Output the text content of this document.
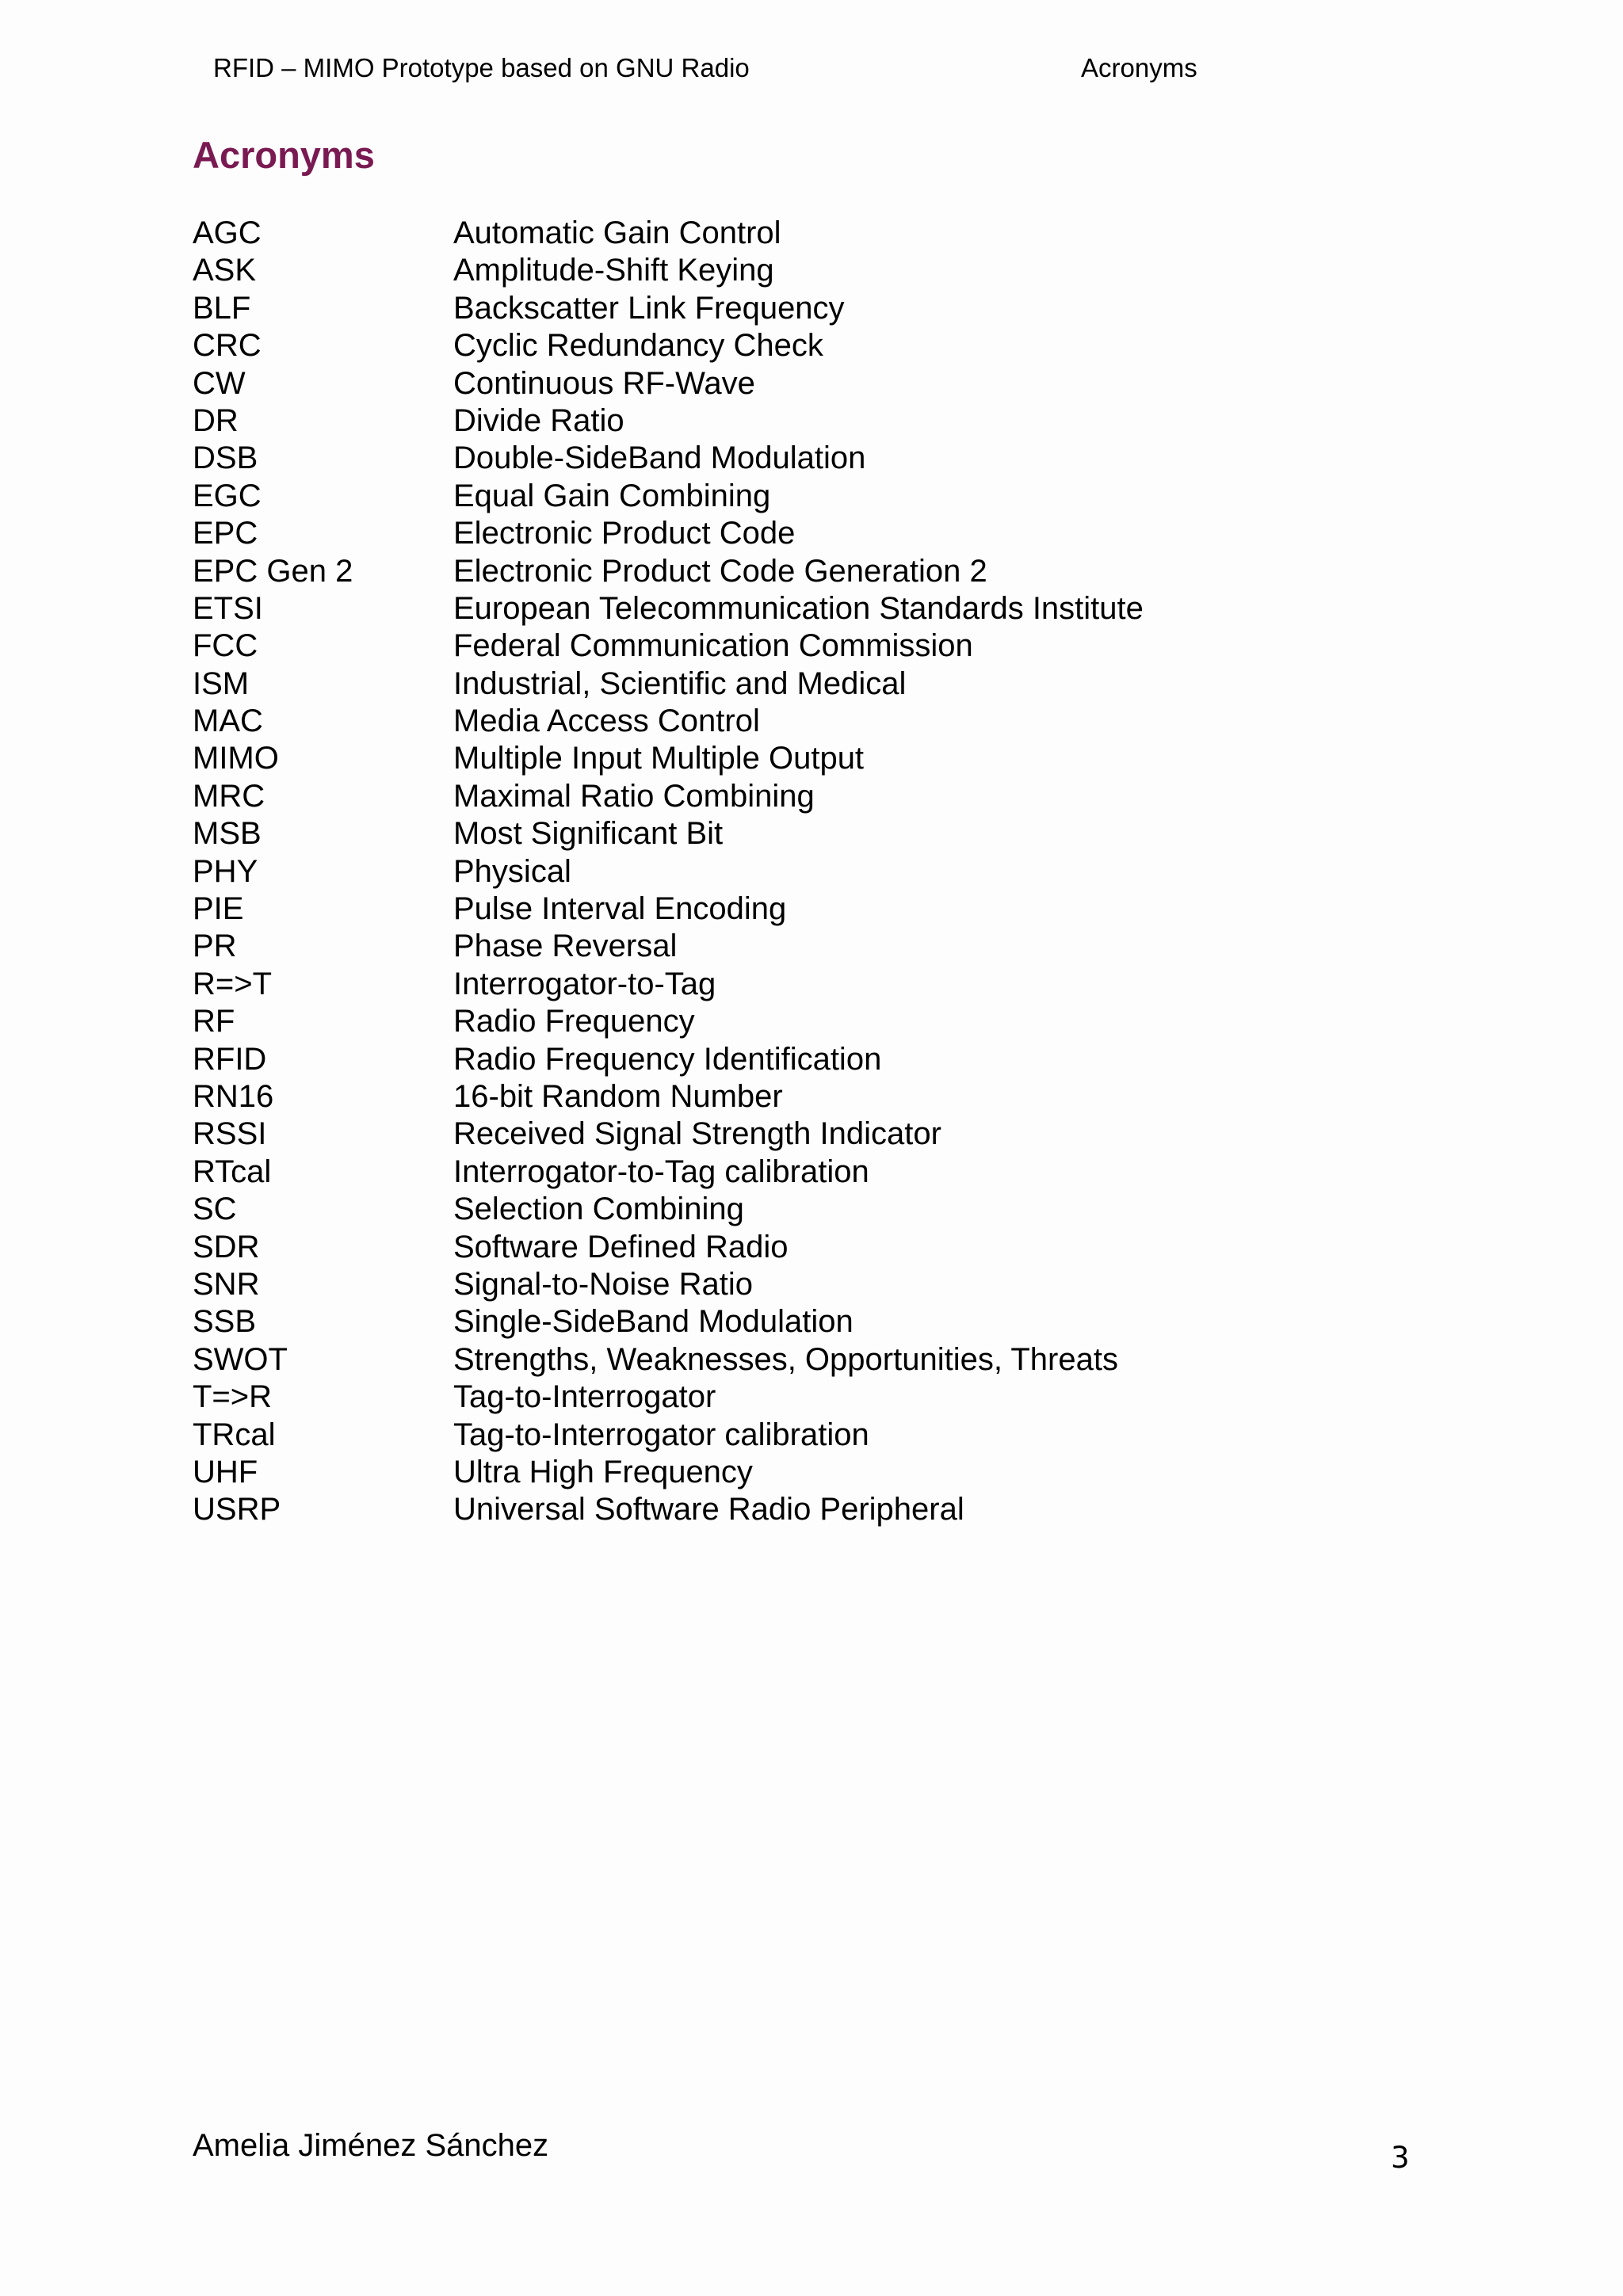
RFID – MIMO Prototype based on GNU Radio	Acronyms
Acronyms
AGC	Automatic Gain Control
ASK	Amplitude-Shift Keying
BLF	Backscatter Link Frequency
CRC	Cyclic Redundancy Check
CW	Continuous RF-Wave
DR	Divide Ratio
DSB	Double-SideBand Modulation
EGC	Equal Gain Combining
EPC	Electronic Product Code
EPC Gen 2	Electronic Product Code Generation 2
ETSI	European Telecommunication Standards Institute
FCC	Federal Communication Commission
ISM	Industrial, Scientific and Medical
MAC	Media Access Control
MIMO	Multiple Input Multiple Output
MRC	Maximal Ratio Combining
MSB	Most Significant Bit
PHY	Physical
PIE	Pulse Interval Encoding
PR	Phase Reversal
R=>T	Interrogator-to-Tag
RF	Radio Frequency
RFID	Radio Frequency Identification
RN16	16-bit Random Number
RSSI	Received Signal Strength Indicator
RTcal	Interrogator-to-Tag calibration
SC	Selection Combining
SDR	Software Defined Radio
SNR	Signal-to-Noise Ratio
SSB	Single-SideBand Modulation
SWOT	Strengths, Weaknesses, Opportunities, Threats
T=>R	Tag-to-Interrogator
TRcal	Tag-to-Interrogator calibration
UHF	Ultra High Frequency
USRP	Universal Software Radio Peripheral
Amelia Jiménez Sánchez	3
